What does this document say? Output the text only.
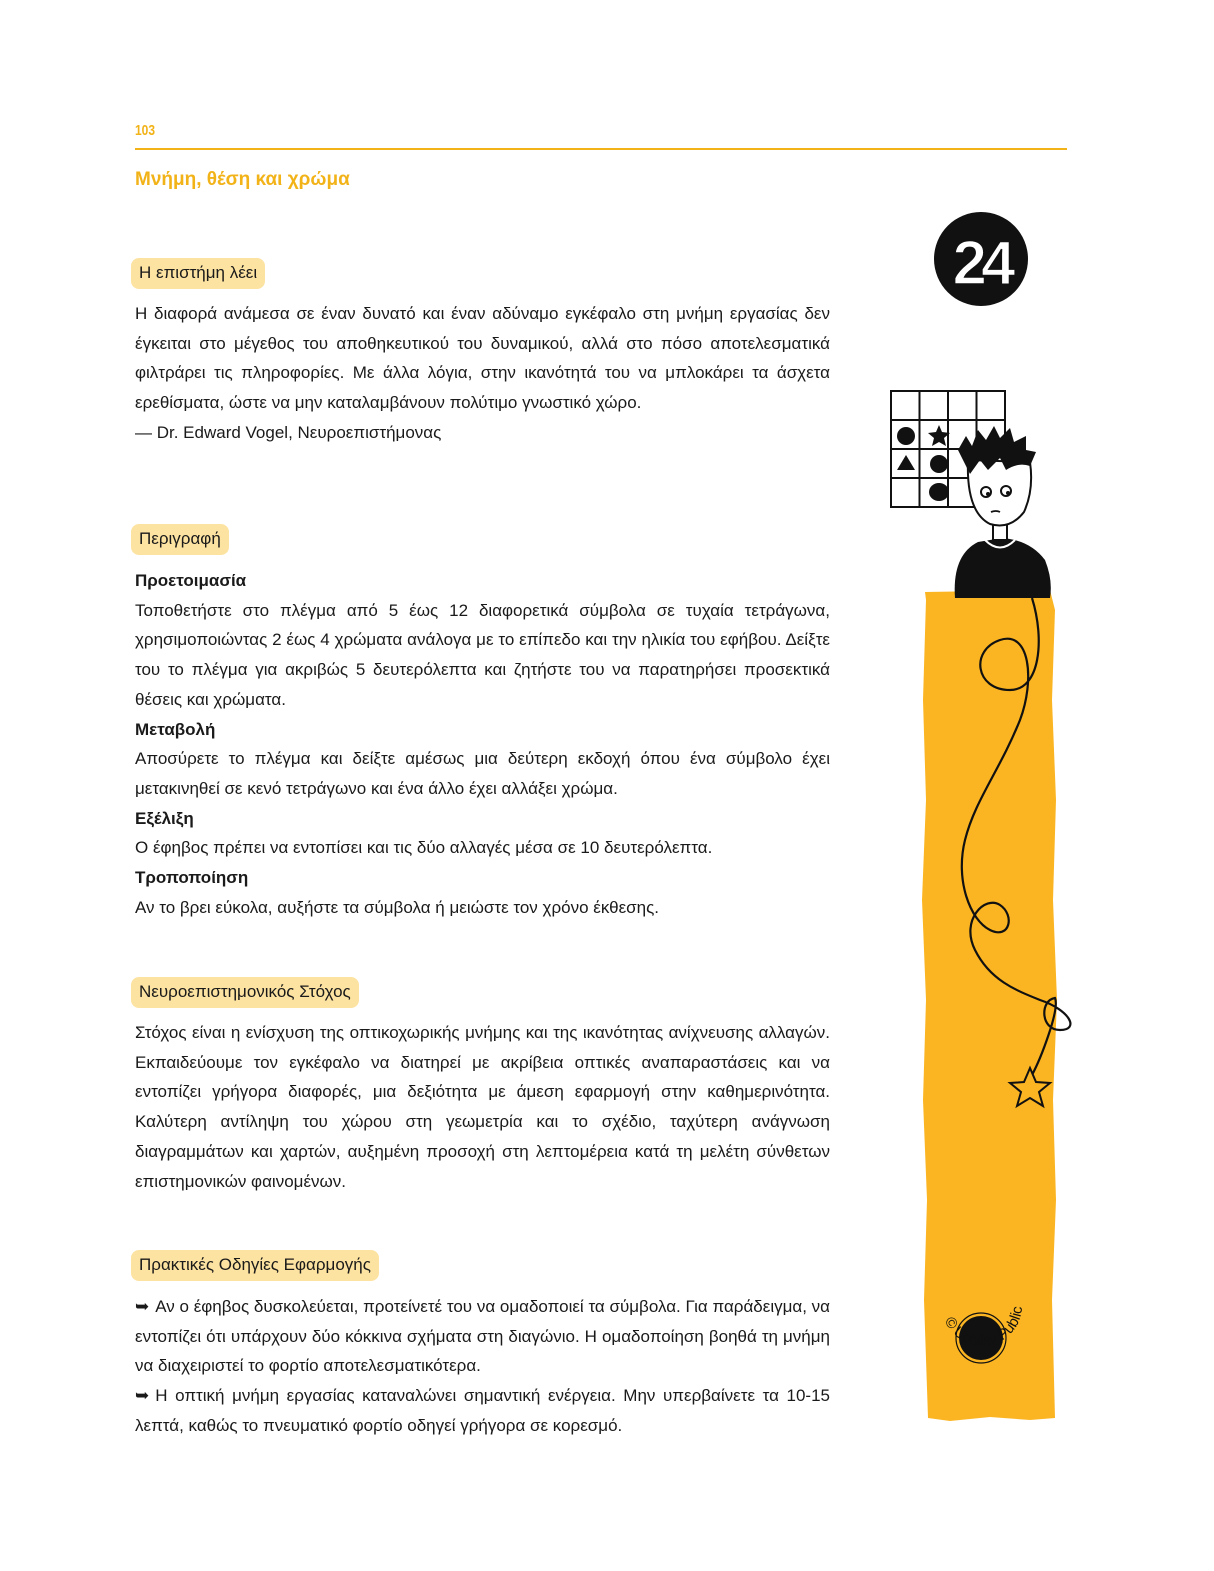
103
Μνήμη, θέση και χρώμα
Η επιστήμη λέει

Η διαφορά ανάμεσα σε έναν δυνατό και έναν αδύναμο εγκέφαλο στη μνήμη εργασίας δεν έγκειται στο μέγεθος του αποθηκευτικού του δυναμικού, αλλά στο πόσο αποτελεσματικά φιλτράρει τις πληροφορίες. Με άλλα λόγια, στην ικανότητά του να μπλοκάρει τα άσχετα ερεθίσματα, ώστε να μην καταλαμβάνουν πολύτιμο γνωστικό χώρο.

— Dr. Edward Vogel, Νευροεπιστήμονας

Περιγραφή

Προετοιμασία

Τοποθετήστε στο πλέγμα από 5 έως 12 διαφορετικά σύμβολα σε τυχαία τετράγωνα, χρησιμοποιώντας 2 έως 4 χρώματα ανάλογα με το επίπεδο και την ηλικία του εφήβου. Δείξτε του το πλέγμα για ακριβώς 5 δευτερόλεπτα και ζητήστε του να παρατηρήσει προσεκτικά θέσεις και χρώματα.

Μεταβολή

Αποσύρετε το πλέγμα και δείξτε αμέσως μια δεύτερη εκδοχή όπου ένα σύμβολο έχει μετακινηθεί σε κενό τετράγωνο και ένα άλλο έχει αλλάξει χρώμα.

Εξέλιξη

Ο έφηβος πρέπει να εντοπίσει και τις δύο αλλαγές μέσα σε 10 δευτερόλεπτα.

Τροποποίηση

Αν το βρει εύκολα, αυξήστε τα σύμβολα ή μειώστε τον χρόνο έκθεσης.

Νευροεπιστημονικός Στόχος

Στόχος είναι η ενίσχυση της οπτικοχωρικής μνήμης και της ικανότητας ανίχνευσης αλλαγών. Εκπαιδεύουμε τον εγκέφαλο να διατηρεί με ακρίβεια οπτικές αναπαραστάσεις και να εντοπίζει γρήγορα διαφορές, μια δεξιότητα με άμεση εφαρμογή στην καθημερινότητα. Καλύτερη αντίληψη του χώρου στη γεωμετρία και το σχέδιο, ταχύτερη ανάγνωση διαγραμμάτων και χαρτών, αυξημένη προσοχή στη λεπτομέρεια κατά τη μελέτη σύνθετων επιστημονικών φαινομένων.

Πρακτικές Οδηγίες Εφαρμογής

➥ Αν ο έφηβος δυσκολεύεται, προτείνετέ του να ομαδοποιεί τα σύμβολα. Για παράδειγμα, να εντοπίζει ότι υπάρχουν δύο κόκκινα σχήματα στη διαγώνιο. Η ομαδοποίηση βοηθά τη μνήμη να διαχειριστεί το φορτίο αποτελεσματικότερα.

➥ Η οπτική μνήμη εργασίας καταναλώνει σημαντική ενέργεια. Μην υπερβαίνετε τα 10-15 λεπτά, καθώς το πνευματικό φορτίο οδηγεί γρήγορα σε κορεσμό.

24
© Upbility Publications
